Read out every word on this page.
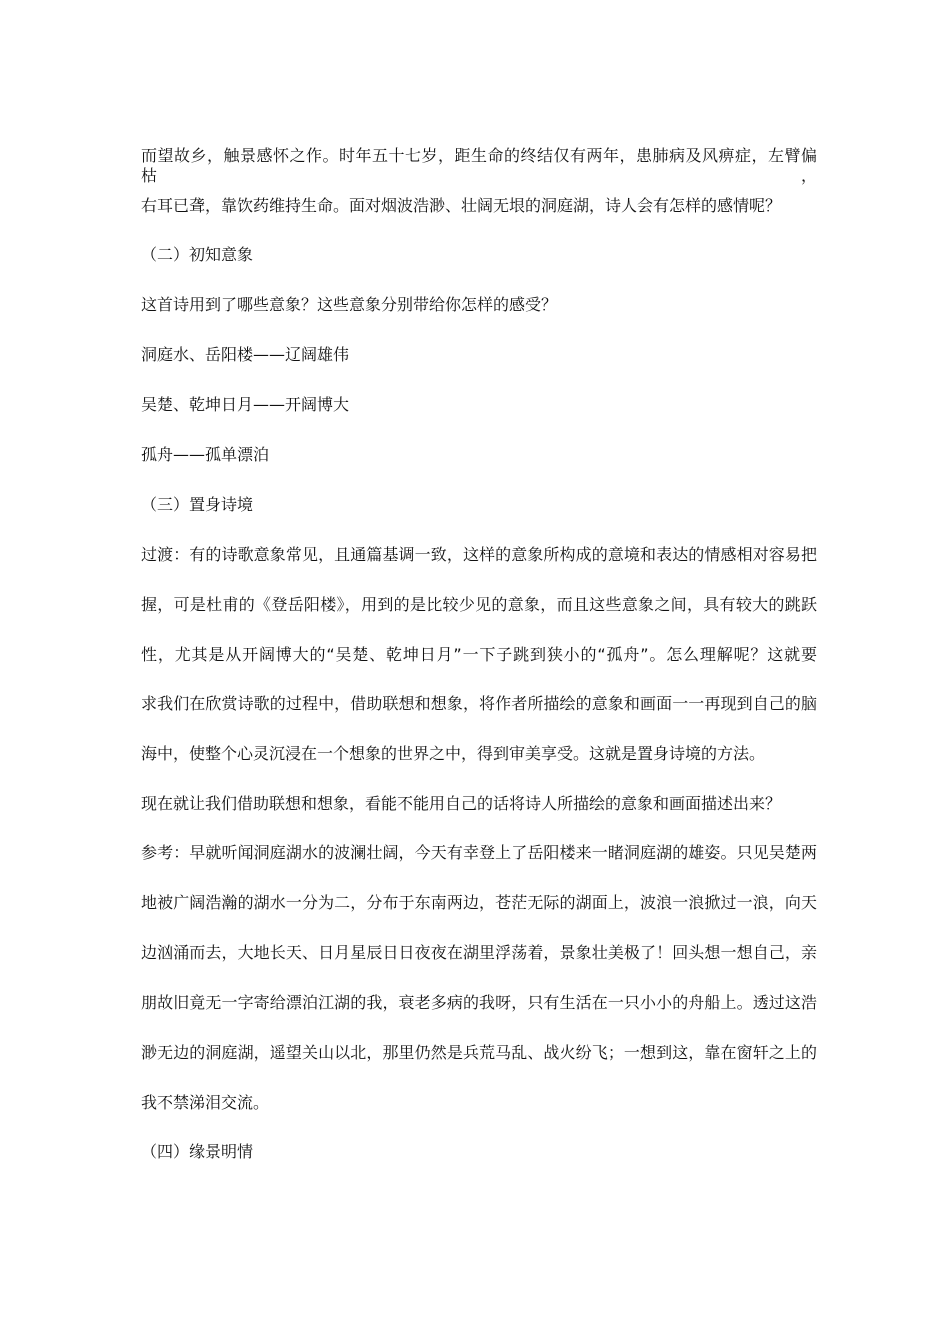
而望故乡，触景感怀之作。时年五十七岁，距生命的终结仅有两年，患肺病及风痹症，左臂偏枯，

右耳已聋，靠饮药维持生命。面对烟波浩渺、壮阔无垠的洞庭湖，诗人会有怎样的感情呢？

（二）初知意象

这首诗用到了哪些意象？这些意象分别带给你怎样的感受？

洞庭水、岳阳楼——辽阔雄伟

吴楚、乾坤日月——开阔博大

孤舟——孤单漂泊

（三）置身诗境

过渡：有的诗歌意象常见，且通篇基调一致，这样的意象所构成的意境和表达的情感相对容易把

握，可是杜甫的《登岳阳楼》，用到的是比较少见的意象，而且这些意象之间，具有较大的跳跃

性，尤其是从开阔博大的“吴楚、乾坤日月”一下子跳到狭小的“孤舟”。怎么理解呢？这就要

求我们在欣赏诗歌的过程中，借助联想和想象，将作者所描绘的意象和画面一一再现到自己的脑

海中，使整个心灵沉浸在一个想象的世界之中，得到审美享受。这就是置身诗境的方法。

现在就让我们借助联想和想象，看能不能用自己的话将诗人所描绘的意象和画面描述出来？

参考：早就听闻洞庭湖水的波澜壮阔，今天有幸登上了岳阳楼来一睹洞庭湖的雄姿。只见吴楚两

地被广阔浩瀚的湖水一分为二，分布于东南两边，苍茫无际的湖面上，波浪一浪掀过一浪，向天

边汹涌而去，大地长天、日月星辰日日夜夜在湖里浮荡着，景象壮美极了！回头想一想自己，亲

朋故旧竟无一字寄给漂泊江湖的我，衰老多病的我呀，只有生活在一只小小的舟船上。透过这浩

渺无边的洞庭湖，遥望关山以北，那里仍然是兵荒马乱、战火纷飞；一想到这，靠在窗轩之上的

我不禁涕泪交流。

（四）缘景明情
